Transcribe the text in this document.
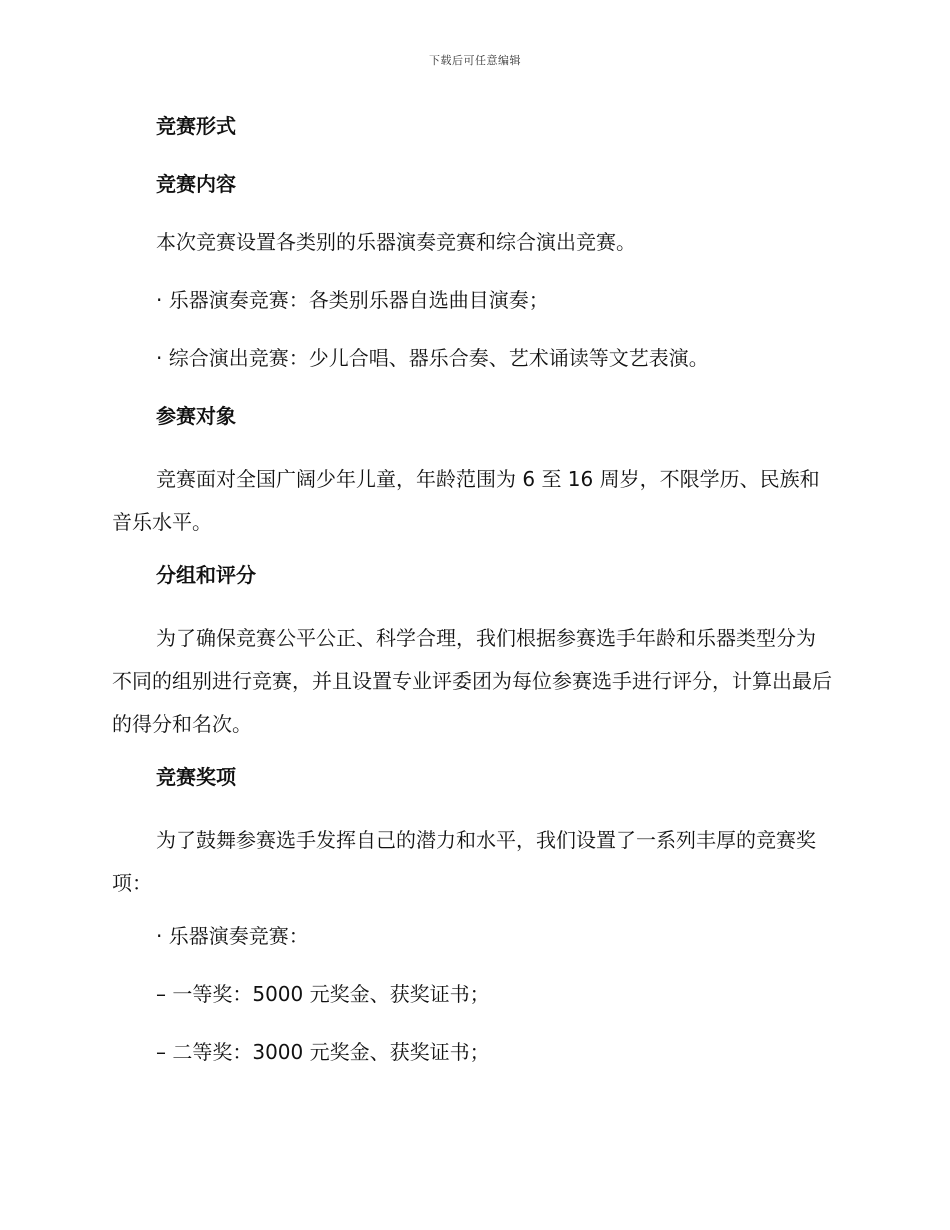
下载后可任意编辑
竞赛形式
竞赛内容
本次竞赛设置各类别的乐器演奏竞赛和综合演出竞赛。
· 乐器演奏竞赛：各类别乐器自选曲目演奏；
· 综合演出竞赛：少儿合唱、器乐合奏、艺术诵读等文艺表演。
参赛对象
竞赛面对全国广阔少年儿童，年龄范围为 6 至 16 周岁，不限学历、民族和音乐水平。
分组和评分
为了确保竞赛公平公正、科学合理，我们根据参赛选手年龄和乐器类型分为不同的组别进行竞赛，并且设置专业评委团为每位参赛选手进行评分，计算出最后的得分和名次。
竞赛奖项
为了鼓舞参赛选手发挥自己的潜力和水平，我们设置了一系列丰厚的竞赛奖项：
· 乐器演奏竞赛：
– 一等奖：5000 元奖金、获奖证书；
– 二等奖：3000 元奖金、获奖证书；
